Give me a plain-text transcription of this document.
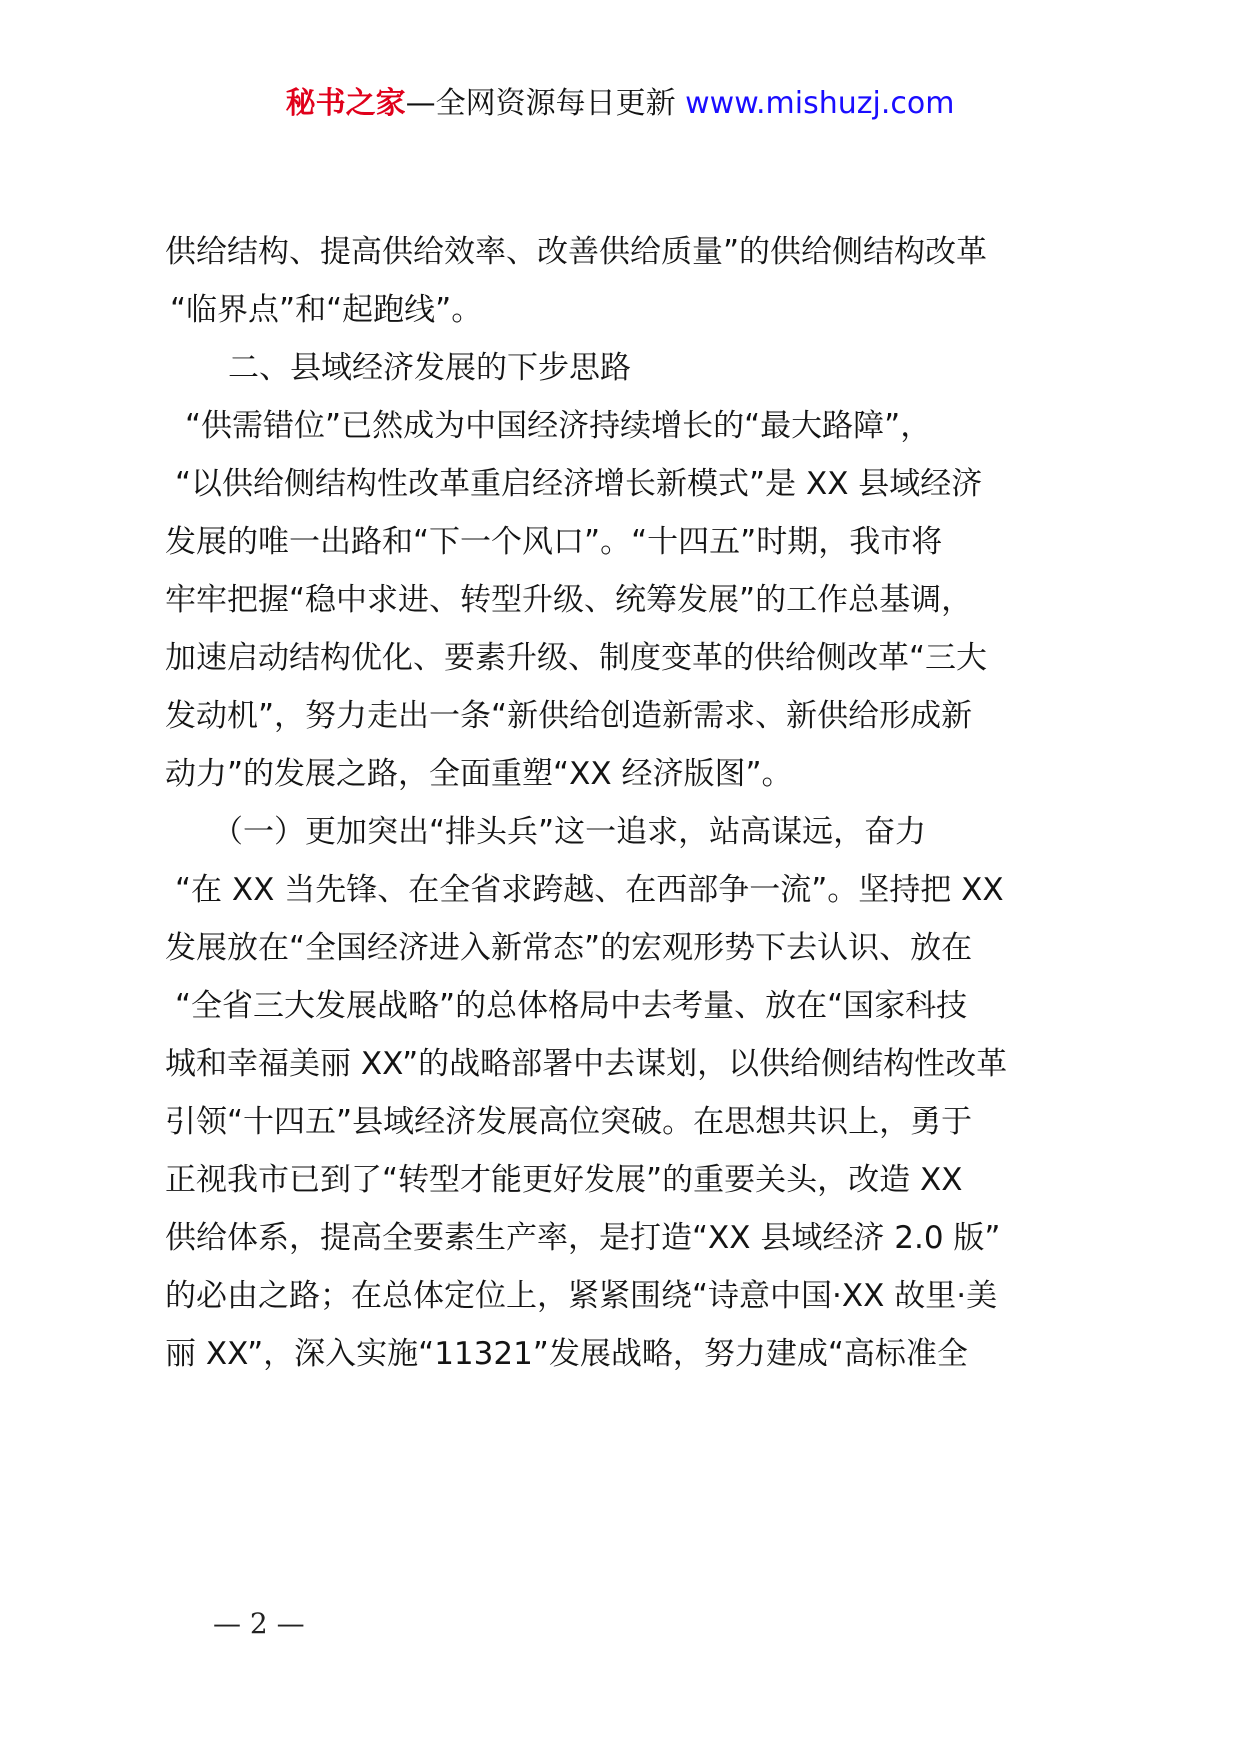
秘书之家—全网资源每日更新 www.mishuzj.com
供给结构、提高供给效率、改善供给质量”的供给侧结构改革
“临界点”和“起跑线”。
二、县域经济发展的下步思路
“供需错位”已然成为中国经济持续增长的“最大路障”，
“以供给侧结构性改革重启经济增长新模式”是 XX 县域经济
发展的唯一出路和“下一个风口”。“十四五”时期，我市将
牢牢把握“稳中求进、转型升级、统筹发展”的工作总基调，
加速启动结构优化、要素升级、制度变革的供给侧改革“三大
发动机”，努力走出一条“新供给创造新需求、新供给形成新
动力”的发展之路，全面重塑“XX 经济版图”。
（一）更加突出“排头兵”这一追求，站高谋远，奋力
“在 XX 当先锋、在全省求跨越、在西部争一流”。坚持把 XX
发展放在“全国经济进入新常态”的宏观形势下去认识、放在
“全省三大发展战略”的总体格局中去考量、放在“国家科技
城和幸福美丽 XX”的战略部署中去谋划，以供给侧结构性改革
引领“十四五”县域经济发展高位突破。在思想共识上，勇于
正视我市已到了“转型才能更好发展”的重要关头，改造 XX
供给体系，提高全要素生产率，是打造“XX 县域经济 2.0 版”
的必由之路；在总体定位上，紧紧围绕“诗意中国·XX 故里·美
丽 XX”，深入实施“11321”发展战略，努力建成“高标准全
— 2 —
